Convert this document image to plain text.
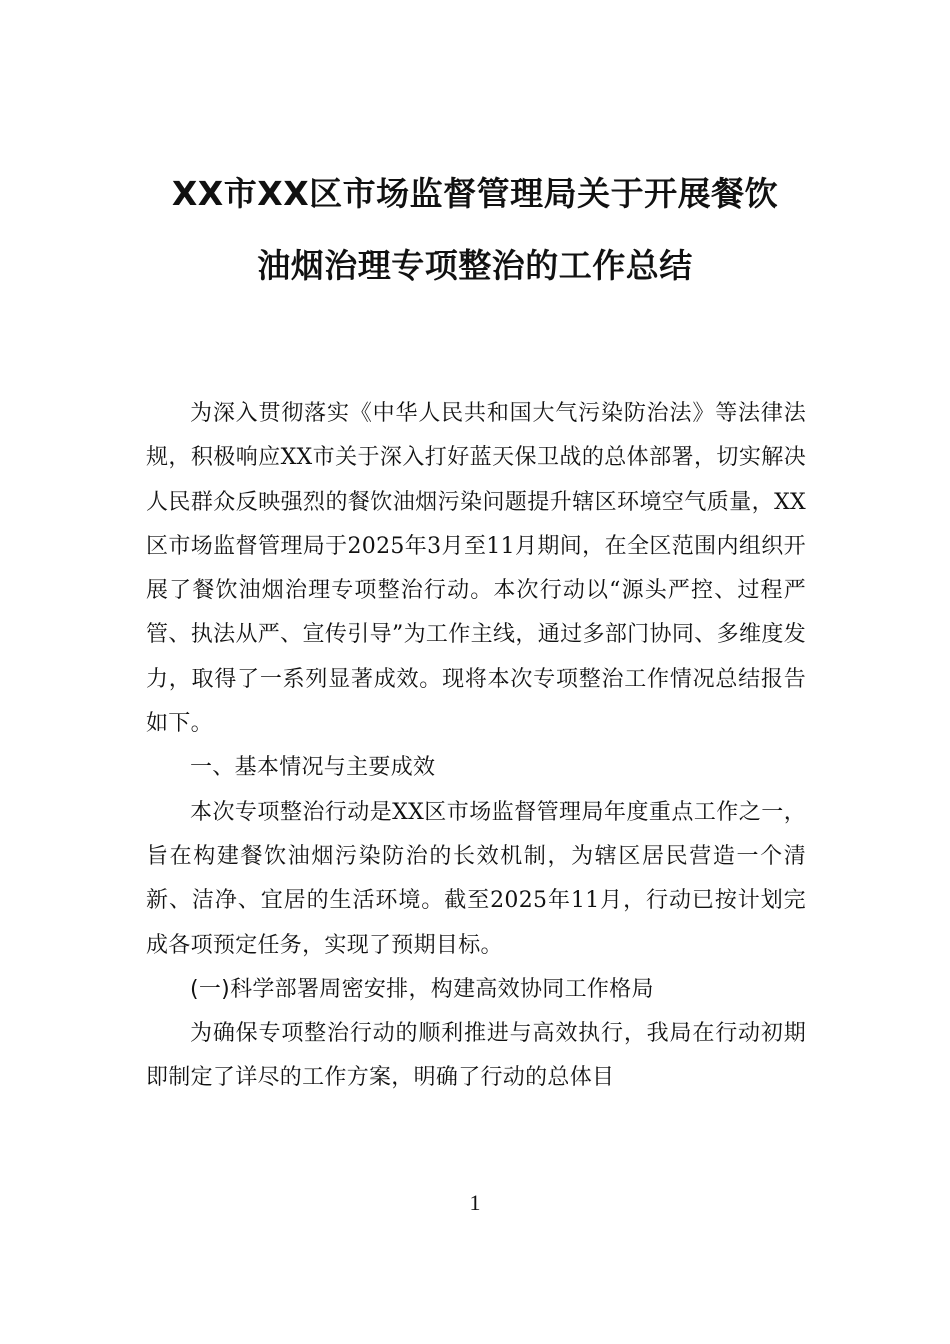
XX市XX区市场监督管理局关于开展餐饮
油烟治理专项整治的工作总结

为深入贯彻落实《中华人民共和国大气污染防治法》等法律法规，积极响应XX市关于深入打好蓝天保卫战的总体部署，切实解决人民群众反映强烈的餐饮油烟污染问题提升辖区环境空气质量，XX区市场监督管理局于2025年3月至11月期间，在全区范围内组织开展了餐饮油烟治理专项整治行动。本次行动以“源头严控、过程严管、执法从严、宣传引导”为工作主线，通过多部门协同、多维度发力，取得了一系列显著成效。现将本次专项整治工作情况总结报告如下。

一、基本情况与主要成效

本次专项整治行动是XX区市场监督管理局年度重点工作之一，旨在构建餐饮油烟污染防治的长效机制，为辖区居民营造一个清新、洁净、宜居的生活环境。截至2025年11月，行动已按计划完成各项预定任务，实现了预期目标。

(一)科学部署周密安排，构建高效协同工作格局

为确保专项整治行动的顺利推进与高效执行，我局在行动初期即制定了详尽的工作方案，明确了行动的总体目

1
